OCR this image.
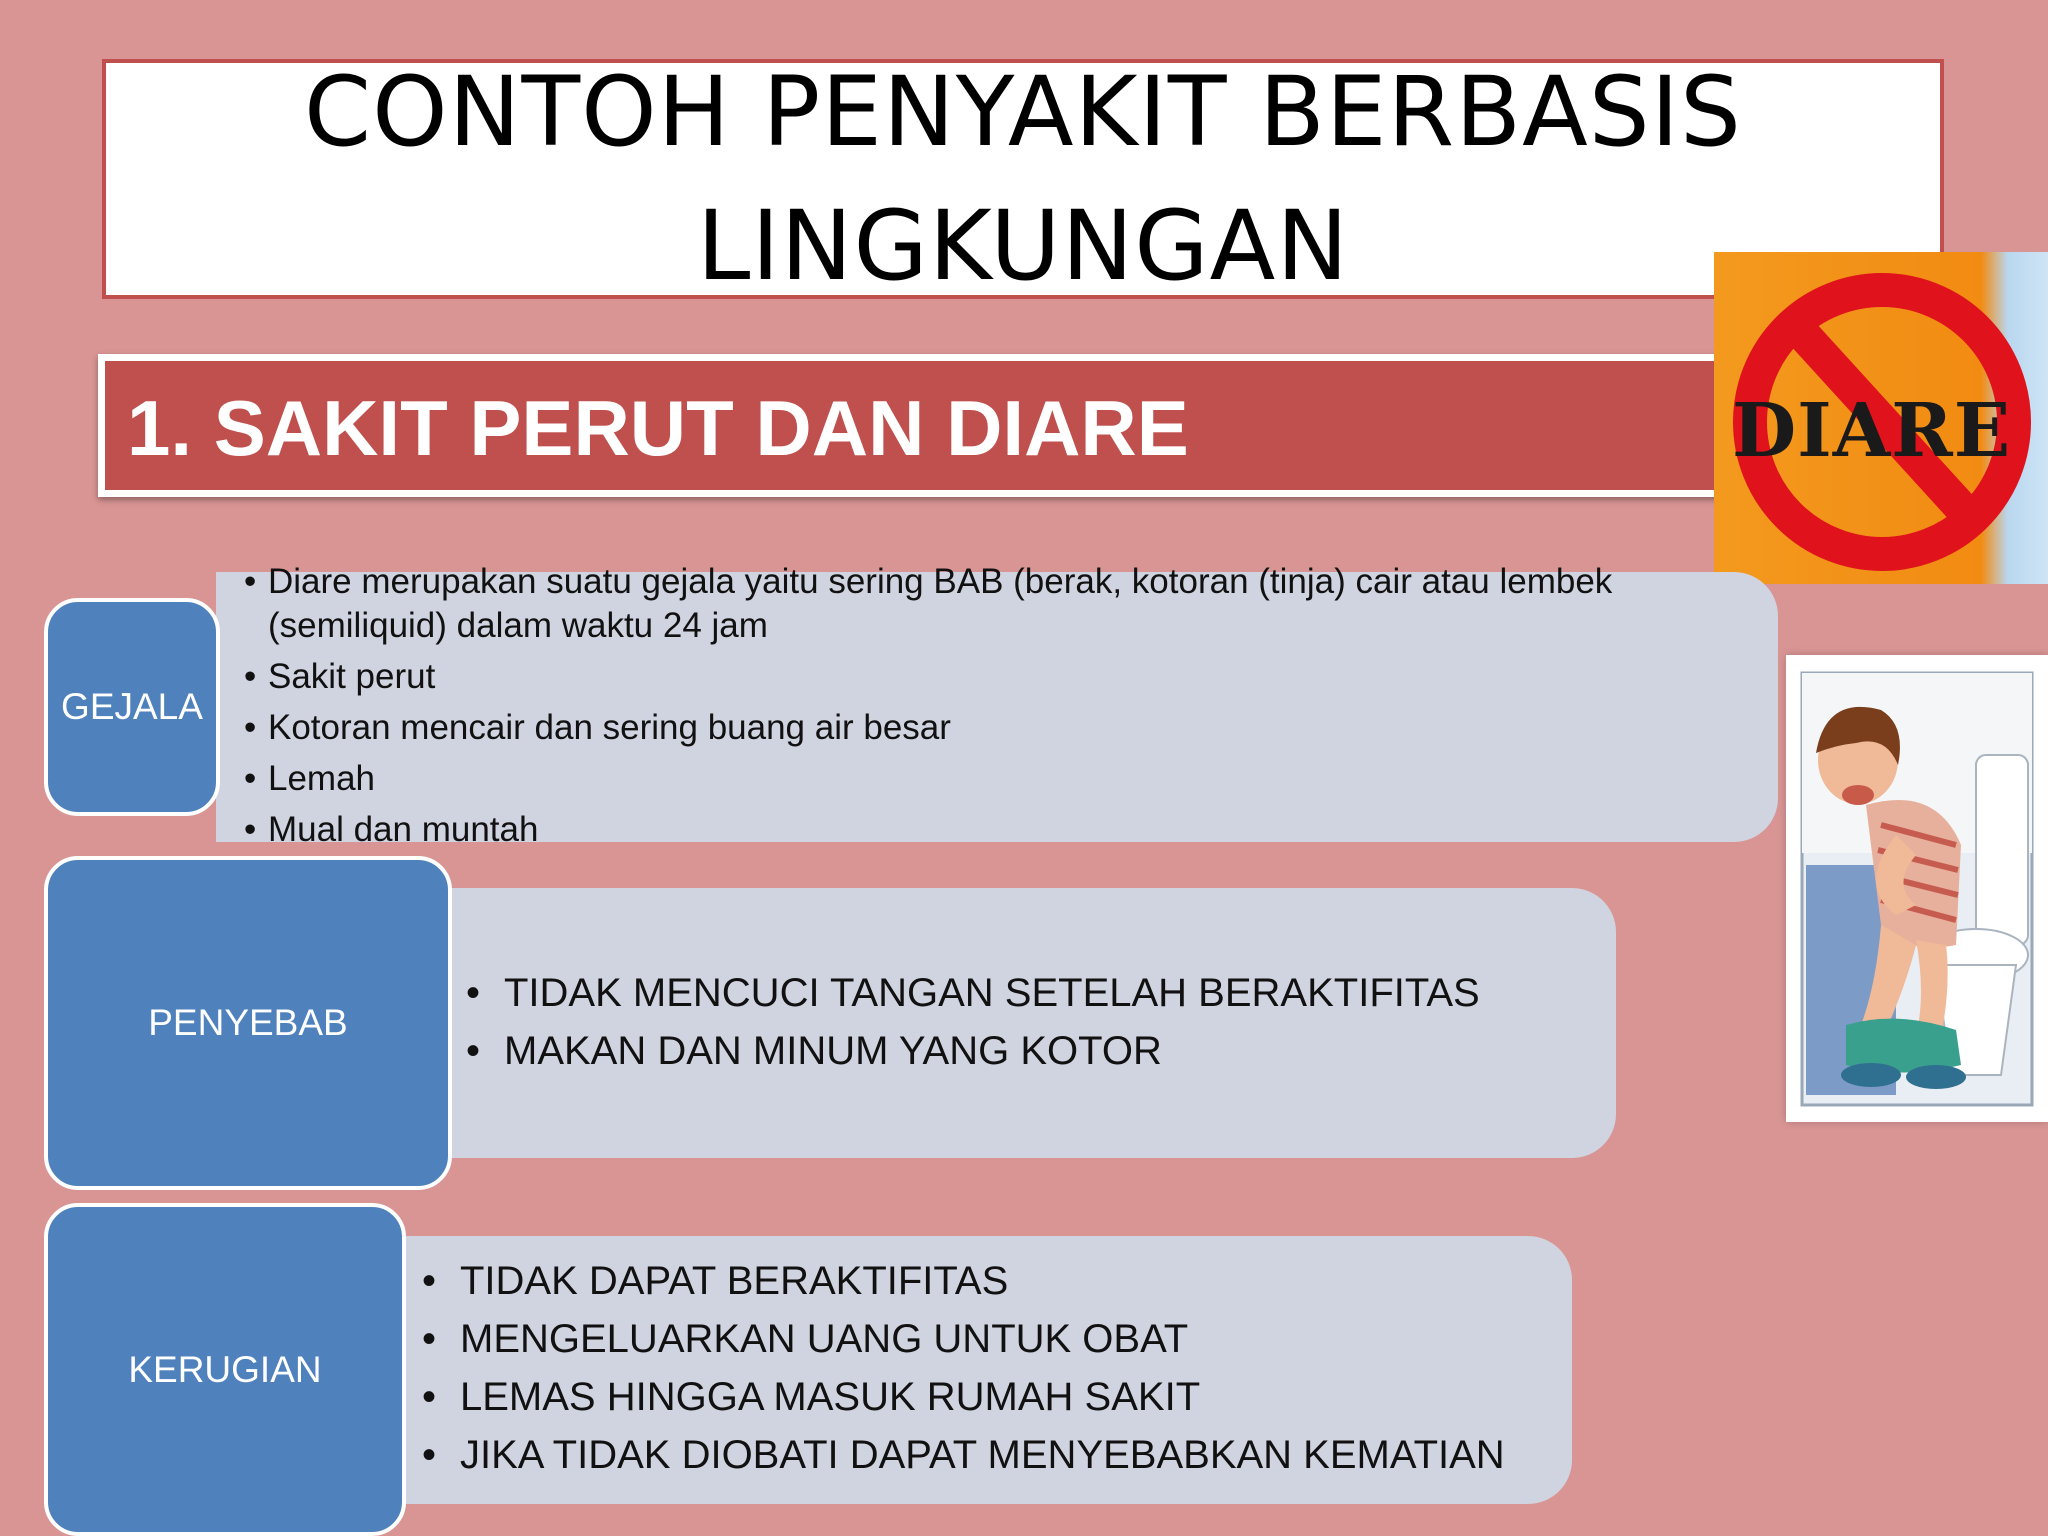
CONTOH PENYAKIT BERBASIS
LINGKUNGAN
1. SAKIT PERUT DAN DIARE	DIARE
GEJALA
• Diare merupakan suatu gejala yaitu sering BAB (berak, kotoran (tinja) cair atau lembek (semiliquid) dalam waktu 24 jam
• Sakit perut
• Kotoran mencair dan sering buang air besar
• Lemah
• Mual dan muntah
PENYEBAB
• TIDAK MENCUCI TANGAN SETELAH BERAKTIFITAS
• MAKAN DAN MINUM YANG KOTOR
KERUGIAN
• TIDAK DAPAT BERAKTIFITAS
• MENGELUARKAN UANG UNTUK OBAT
• LEMAS HINGGA MASUK RUMAH SAKIT
• JIKA TIDAK DIOBATI DAPAT MENYEBABKAN KEMATIAN
